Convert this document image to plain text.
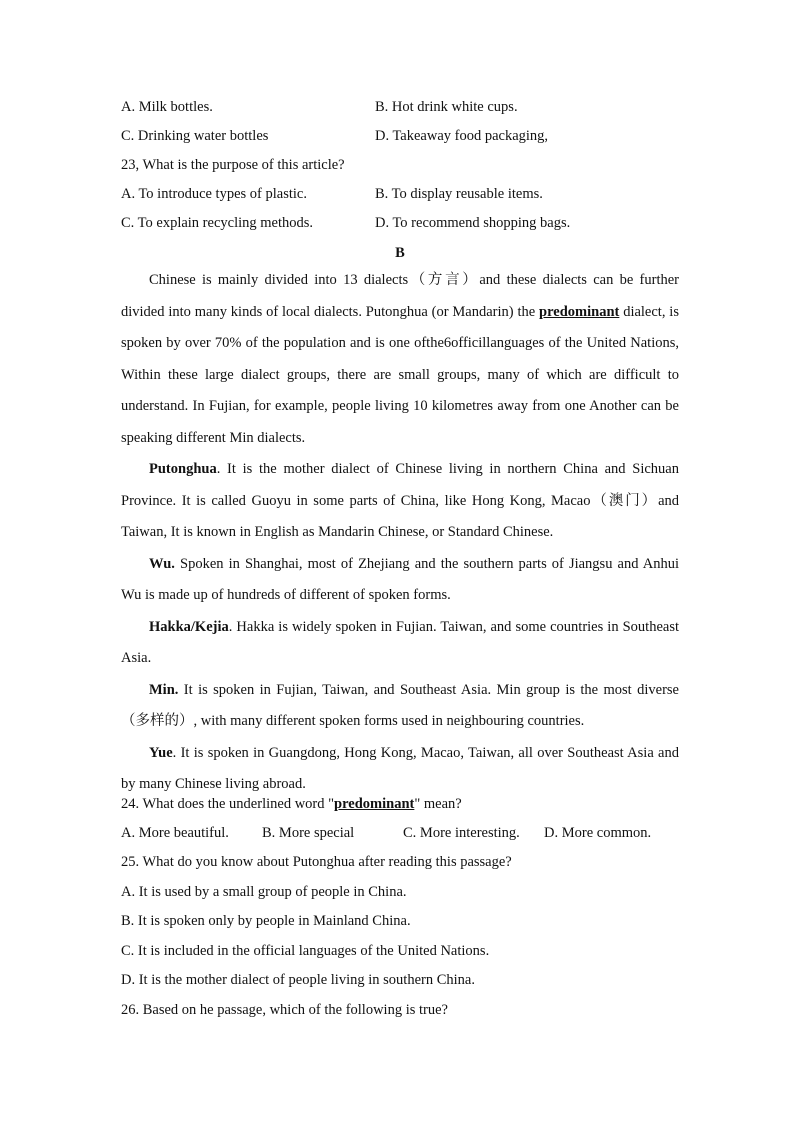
A. Milk bottles.	B. Hot drink white cups.
C. Drinking water bottles	D. Takeaway food packaging,
23, What is the purpose of this article?
A. To introduce types of plastic.	B. To display reusable items.
C. To explain recycling methods.	D. To recommend shopping bags.
B

Chinese is mainly divided into 13 dialects（方言）and these dialects can be further divided into many kinds of local dialects. Putonghua (or Mandarin) the predominant dialect, is spoken by over 70% of the population and is one ofthe6officillanguages of the United Nations, Within these large dialect groups, there are small groups, many of which are difficult to understand. In Fujian, for example, people living 10 kilometres away from one Another can be speaking different Min dialects.

Putonghua. It is the mother dialect of Chinese living in northern China and Sichuan Province. It is called Guoyu in some parts of China, like Hong Kong, Macao（澳门）and Taiwan, It is known in English as Mandarin Chinese, or Standard Chinese.

Wu. Spoken in Shanghai, most of Zhejiang and the southern parts of Jiangsu and Anhui Wu is made up of hundreds of different of spoken forms.

Hakka/Kejia. Hakka is widely spoken in Fujian. Taiwan, and some countries in Southeast Asia.

Min. It is spoken in Fujian, Taiwan, and Southeast Asia. Min group is the most diverse（多样的）, with many different spoken forms used in neighbouring countries.

Yue. It is spoken in Guangdong, Hong Kong, Macao, Taiwan, all over Southeast Asia and by many Chinese living abroad.

24. What does the underlined word "predominant" mean?
A. More beautiful. B. More special	C. More interesting. D. More common.
25. What do you know about Putonghua after reading this passage?
A. It is used by a small group of people in China.
B. It is spoken only by people in Mainland China.
C. It is included in the official languages of the United Nations.
D. It is the mother dialect of people living in southern China.
26. Based on he passage, which of the following is true?
